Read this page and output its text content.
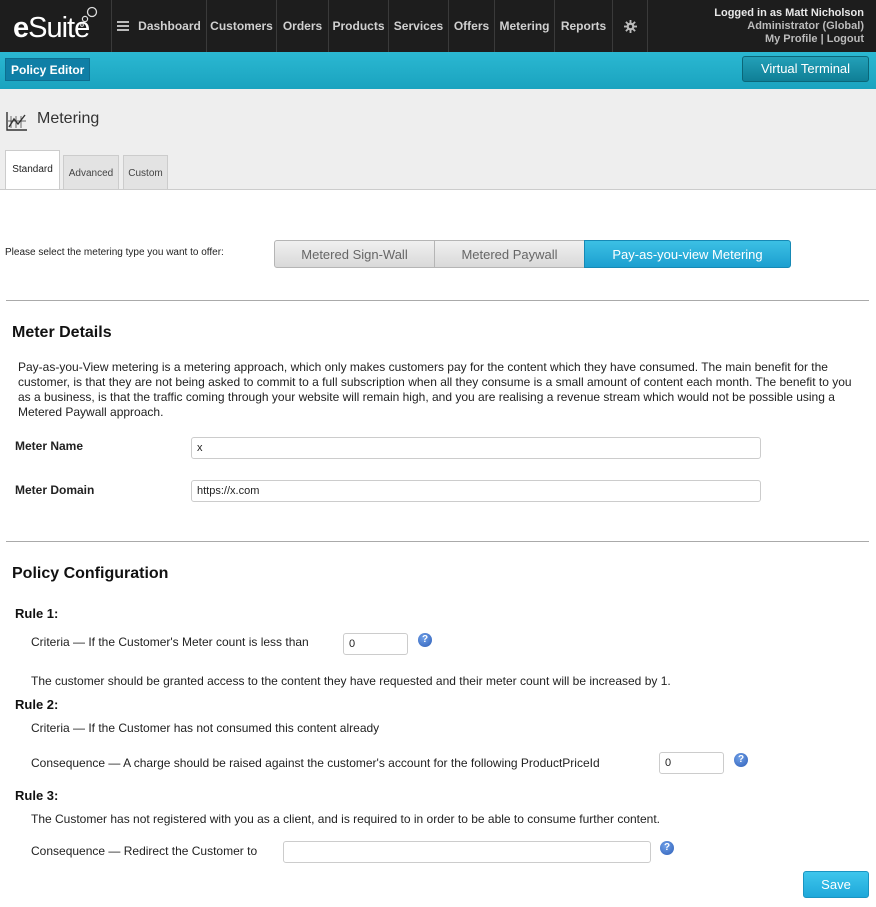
eSuite	Dashboard Customers Orders Products Services Offers Metering Reports
Logged in as Matt Nicholson
Administrator (Global)
My Profile | Logout
Policy Editor	Virtual Terminal
Metering
Standard	Advanced	Custom
Please select the metering type you want to offer:	Metered Sign-Wall	Metered Paywall	Pay-as-you-view Metering
Meter Details
Pay-as-you-View metering is a metering approach, which only makes customers pay for the content which they have consumed. The main benefit for the customer, is that they are not being asked to commit to a full subscription when all they consume is a small amount of content each month. The benefit to you as a business, is that the traffic coming through your website will remain high, and you are realising a revenue stream which would not be possible using a Metered Paywall approach.
Meter Name
x
Meter Domain
https://x.com
Policy Configuration
Rule 1:
Criteria — If the Customer's Meter count is less than
0	?
The customer should be granted access to the content they have requested and their meter count will be increased by 1.
Rule 2:
Criteria — If the Customer has not consumed this content already
Consequence — A charge should be raised against the customer's account for the following ProductPriceId
0	?
Rule 3:
The Customer has not registered with you as a client, and is required to in order to be able to consume further content.
Consequence — Redirect the Customer to	?
Save
